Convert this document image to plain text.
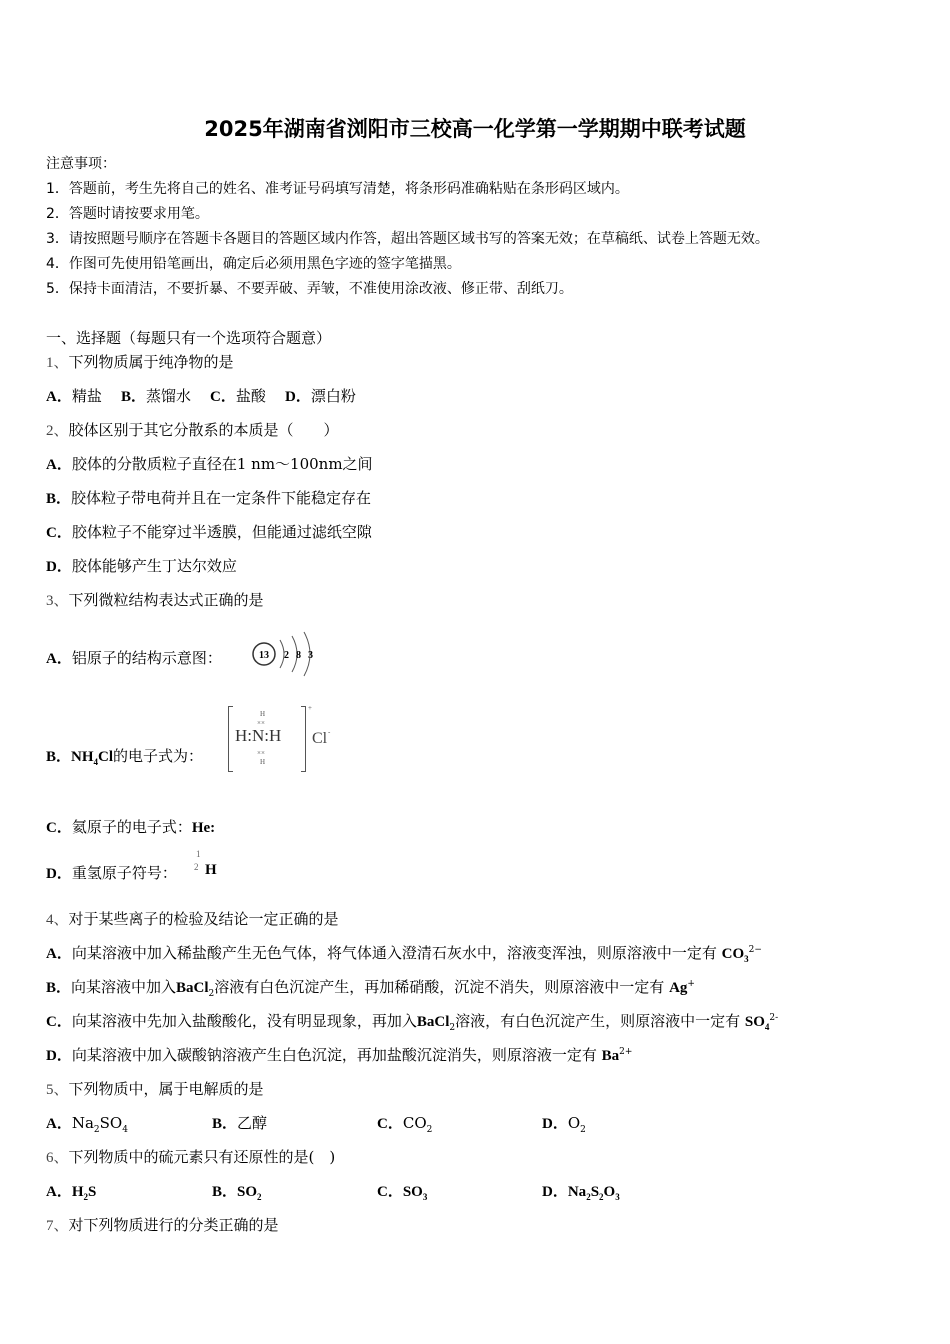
2025年湖南省浏阳市三校高一化学第一学期期中联考试题
注意事项：
1．答题前，考生先将自己的姓名、准考证号码填写清楚，将条形码准确粘贴在条形码区域内。
2．答题时请按要求用笔。
3．请按照题号顺序在答题卡各题目的答题区域内作答，超出答题区域书写的答案无效；在草稿纸、试卷上答题无效。
4．作图可先使用铅笔画出，确定后必须用黑色字迹的签字笔描黑。
5．保持卡面清洁，不要折暴、不要弄破、弄皱，不准使用涂改液、修正带、刮纸刀。
一、选择题（每题只有一个选项符合题意）
1、下列物质属于纯净物的是
A．精盐 B．蒸馏水 C．盐酸 D．漂白粉
2、胶体区别于其它分散系的本质是（　　）
A．胶体的分散质粒子直径在1 nm～100nm之间
B．胶体粒子带电荷并且在一定条件下能稳定存在
C．胶体粒子不能穿过半透膜，但能通过滤纸空隙
D．胶体能够产生丁达尔效应
3、下列微粒结构表达式正确的是
A．铝原子的结构示意图：	13 2 8 3
B．$NH_4Cl$的电子式为：
H
××
H:N:H
××
H
+
Cl -
C．氦原子的电子式：He:
D．重氢原子符号：
1
2 H
4、对于某些离子的检验及结论一定正确的是
A．向某溶液中加入稀盐酸产生无色气体，将气体通入澄清石灰水中，溶液变浑浊，则原溶液中一定有 $CO_3^{2-}$
B．向某溶液中加入BaCl$_2$溶液有白色沉淀产生，再加稀硝酸，沉淀不消失，则原溶液中一定有 Ag+
C．向某溶液中先加入盐酸酸化，没有明显现象，再加入BaCl$_2$溶液，有白色沉淀产生，则原溶液中一定有 $SO_4^{2-}$
D．向某溶液中加入碳酸钠溶液产生白色沉淀，再加盐酸沉淀消失，则原溶液一定有 $Ba^{2+}$
5、下列物质中，属于电解质的是
A．$Na_2SO_4$	B．乙醇	C．$CO_2$	D．$O_2$
6、下列物质中的硫元素只有还原性的是(　)
A．$H_2S$	B．$SO_2$	C．$SO_3$	D．$Na_2S_2O_3$
7、对下列物质进行的分类正确的是
